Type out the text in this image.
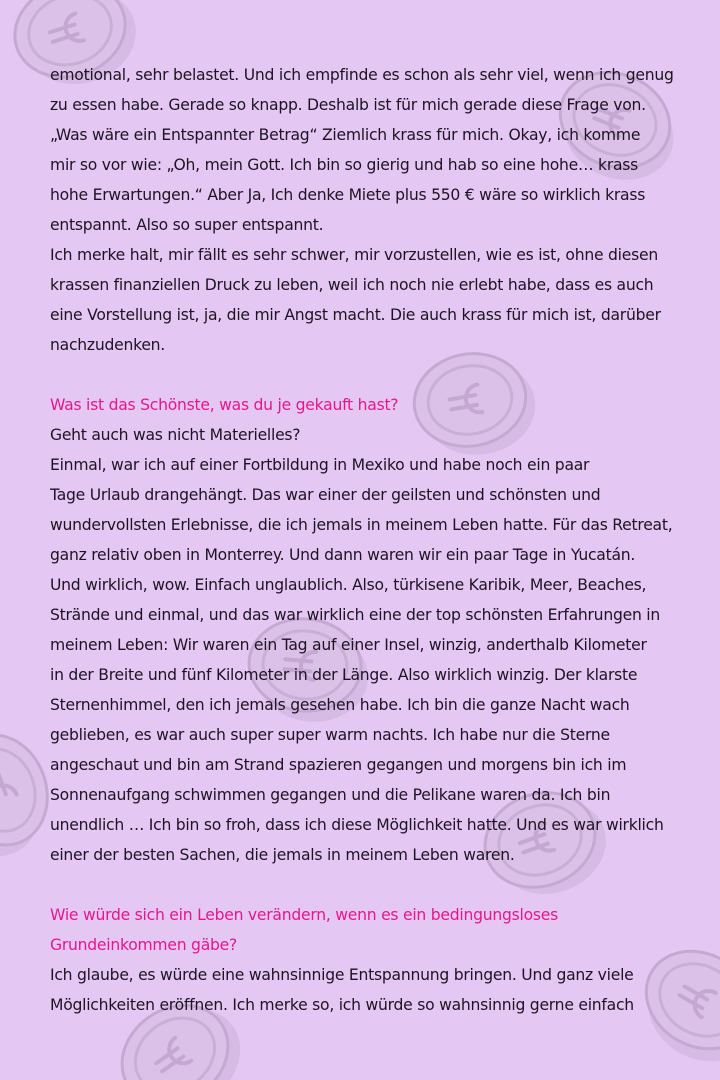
emotional, sehr belastet. Und ich empfinde es schon als sehr viel, wenn ich genug
zu essen habe. Gerade so knapp. Deshalb ist für mich gerade diese Frage von.
„Was wäre ein Entspannter Betrag“ Ziemlich krass für mich. Okay, ich komme
mir so vor wie: „Oh, mein Gott. Ich bin so gierig und hab so eine hohe… krass
hohe Erwartungen.“ Aber Ja, Ich denke Miete plus 550 € wäre so wirklich krass
entspannt. Also so super entspannt.
Ich merke halt, mir fällt es sehr schwer, mir vorzustellen, wie es ist, ohne diesen
krassen finanziellen Druck zu leben, weil ich noch nie erlebt habe, dass es auch
eine Vorstellung ist, ja, die mir Angst macht. Die auch krass für mich ist, darüber
nachzudenken.

Was ist das Schönste, was du je gekauft hast?

Geht auch was nicht Materielles?
Einmal, war ich auf einer Fortbildung in Mexiko und habe noch ein paar
Tage Urlaub drangehängt. Das war einer der geilsten und schönsten und
wundervollsten Erlebnisse, die ich jemals in meinem Leben hatte. Für das Retreat,
ganz relativ oben in Monterrey. Und dann waren wir ein paar Tage in Yucatán.
Und wirklich, wow. Einfach unglaublich. Also, türkisene Karibik, Meer, Beaches,
Strände und einmal, und das war wirklich eine der top schönsten Erfahrungen in
meinem Leben: Wir waren ein Tag auf einer Insel, winzig, anderthalb Kilometer
in der Breite und fünf Kilometer in der Länge. Also wirklich winzig. Der klarste
Sternenhimmel, den ich jemals gesehen habe. Ich bin die ganze Nacht wach
geblieben, es war auch super super warm nachts. Ich habe nur die Sterne
angeschaut und bin am Strand spazieren gegangen und morgens bin ich im
Sonnenaufgang schwimmen gegangen und die Pelikane waren da. Ich bin
unendlich … Ich bin so froh, dass ich diese Möglichkeit hatte. Und es war wirklich
einer der besten Sachen, die jemals in meinem Leben waren.

Wie würde sich ein Leben verändern, wenn es ein bedingungsloses
Grundeinkommen gäbe?

Ich glaube, es würde eine wahnsinnige Entspannung bringen. Und ganz viele
Möglichkeiten eröffnen. Ich merke so, ich würde so wahnsinnig gerne einfach
